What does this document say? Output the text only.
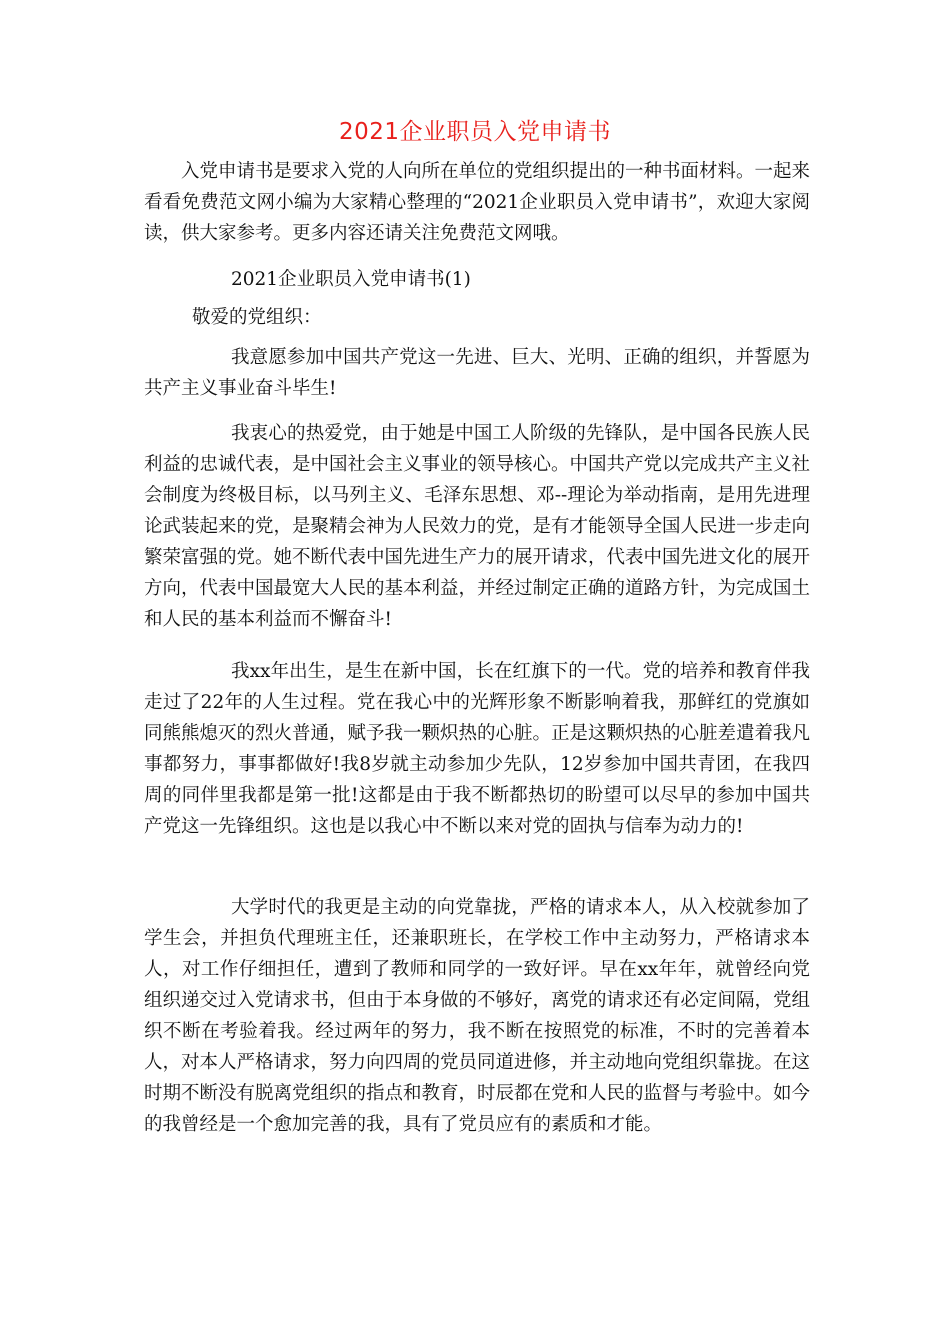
2021企业职员入党申请书
入党申请书是要求入党的人向所在单位的党组织提出的一种书面材料。一起来看看免费范文网小编为大家精心整理的“2021企业职员入党申请书”，欢迎大家阅读，供大家参考。更多内容还请关注免费范文网哦。
2021企业职员入党申请书(1)
敬爱的党组织：
我意愿参加中国共产党这一先进、巨大、光明、正确的组织，并誓愿为共产主义事业奋斗毕生!
我衷心的热爱党，由于她是中国工人阶级的先锋队，是中国各民族人民利益的忠诚代表，是中国社会主义事业的领导核心。中国共产党以完成共产主义社会制度为终极目标，以马列主义、毛泽东思想、邓--理论为举动指南，是用先进理论武装起来的党，是聚精会神为人民效力的党，是有才能领导全国人民进一步走向繁荣富强的党。她不断代表中国先进生产力的展开请求，代表中国先进文化的展开方向，代表中国最宽大人民的基本利益，并经过制定正确的道路方针，为完成国土和人民的基本利益而不懈奋斗!
我xx年出生，是生在新中国，长在红旗下的一代。党的培养和教育伴我走过了22年的人生过程。党在我心中的光辉形象不断影响着我，那鲜红的党旗如同熊熊熄灭的烈火普通，赋予我一颗炽热的心脏。正是这颗炽热的心脏差遣着我凡事都努力，事事都做好!我8岁就主动参加少先队，12岁参加中国共青团，在我四周的同伴里我都是第一批!这都是由于我不断都热切的盼望可以尽早的参加中国共产党这一先锋组织。这也是以我心中不断以来对党的固执与信奉为动力的!
大学时代的我更是主动的向党靠拢，严格的请求本人，从入校就参加了学生会，并担负代理班主任，还兼职班长，在学校工作中主动努力，严格请求本人，对工作仔细担任，遭到了教师和同学的一致好评。早在xx年年，就曾经向党组织递交过入党请求书，但由于本身做的不够好，离党的请求还有必定间隔，党组织不断在考验着我。经过两年的努力，我不断在按照党的标准，不时的完善着本人，对本人严格请求，努力向四周的党员同道进修，并主动地向党组织靠拢。在这时期不断没有脱离党组织的指点和教育，时辰都在党和人民的监督与考验中。如今的我曾经是一个愈加完善的我，具有了党员应有的素质和才能。
